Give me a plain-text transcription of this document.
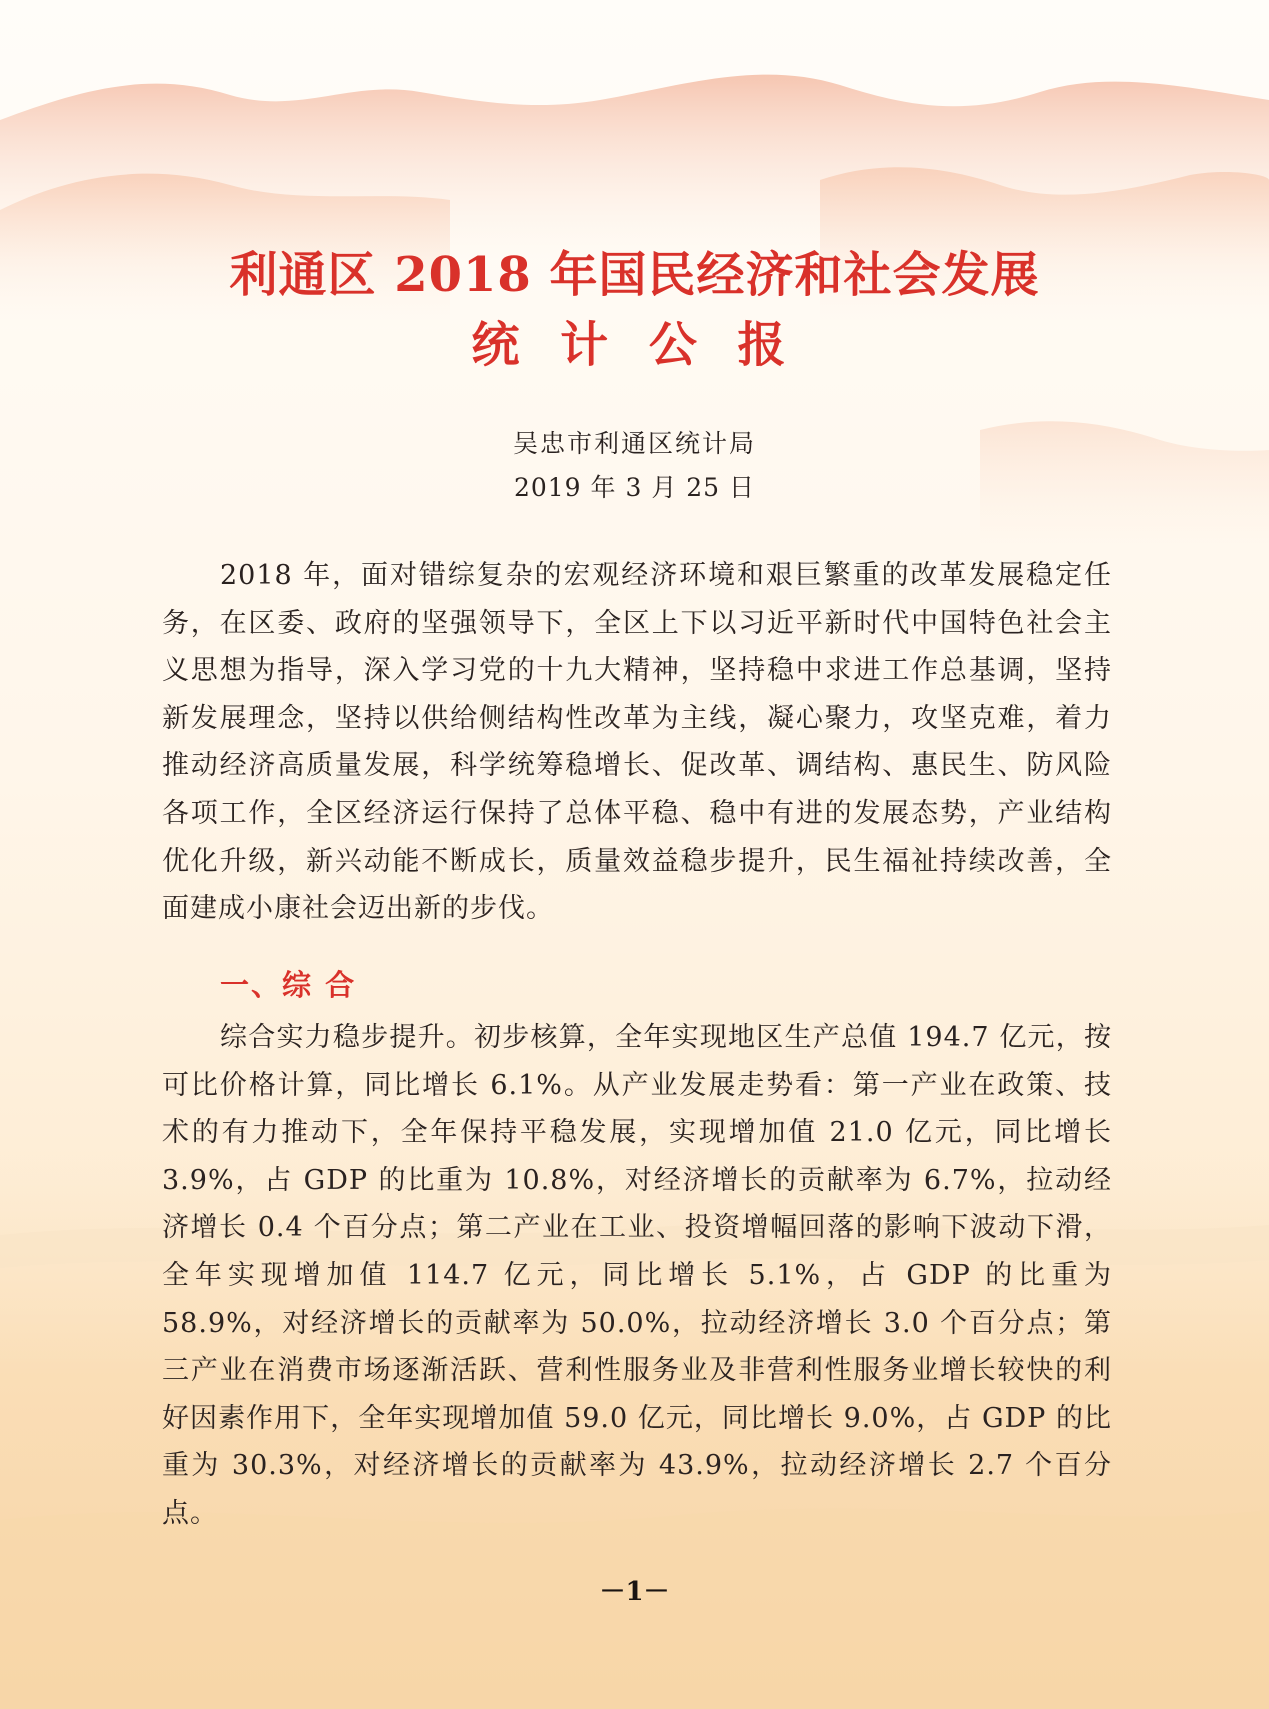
利通区 2018 年国民经济和社会发展
统 计 公 报
吴忠市利通区统计局
2019 年 3 月 25 日

2018 年，面对错综复杂的宏观经济环境和艰巨繁重的改革发展稳定任务，在区委、政府的坚强领导下，全区上下以习近平新时代中国特色社会主义思想为指导，深入学习党的十九大精神，坚持稳中求进工作总基调，坚持新发展理念，坚持以供给侧结构性改革为主线，凝心聚力，攻坚克难，着力推动经济高质量发展，科学统筹稳增长、促改革、调结构、惠民生、防风险各项工作，全区经济运行保持了总体平稳、稳中有进的发展态势，产业结构优化升级，新兴动能不断成长，质量效益稳步提升，民生福祉持续改善，全面建成小康社会迈出新的步伐。

一、综 合

综合实力稳步提升。初步核算，全年实现地区生产总值 194.7 亿元，按可比价格计算，同比增长 6.1%。从产业发展走势看：第一产业在政策、技术的有力推动下，全年保持平稳发展，实现增加值 21.0 亿元，同比增长 3.9%，占 GDP 的比重为 10.8%，对经济增长的贡献率为 6.7%，拉动经济增长 0.4 个百分点；第二产业在工业、投资增幅回落的影响下波动下滑，全年实现增加值 114.7 亿元，同比增长 5.1%，占 GDP 的比重为 58.9%，对经济增长的贡献率为 50.0%，拉动经济增长 3.0 个百分点；第三产业在消费市场逐渐活跃、营利性服务业及非营利性服务业增长较快的利好因素作用下，全年实现增加值 59.0 亿元，同比增长 9.0%，占 GDP 的比重为 30.3%，对经济增长的贡献率为 43.9%，拉动经济增长 2.7 个百分点。

－1－
